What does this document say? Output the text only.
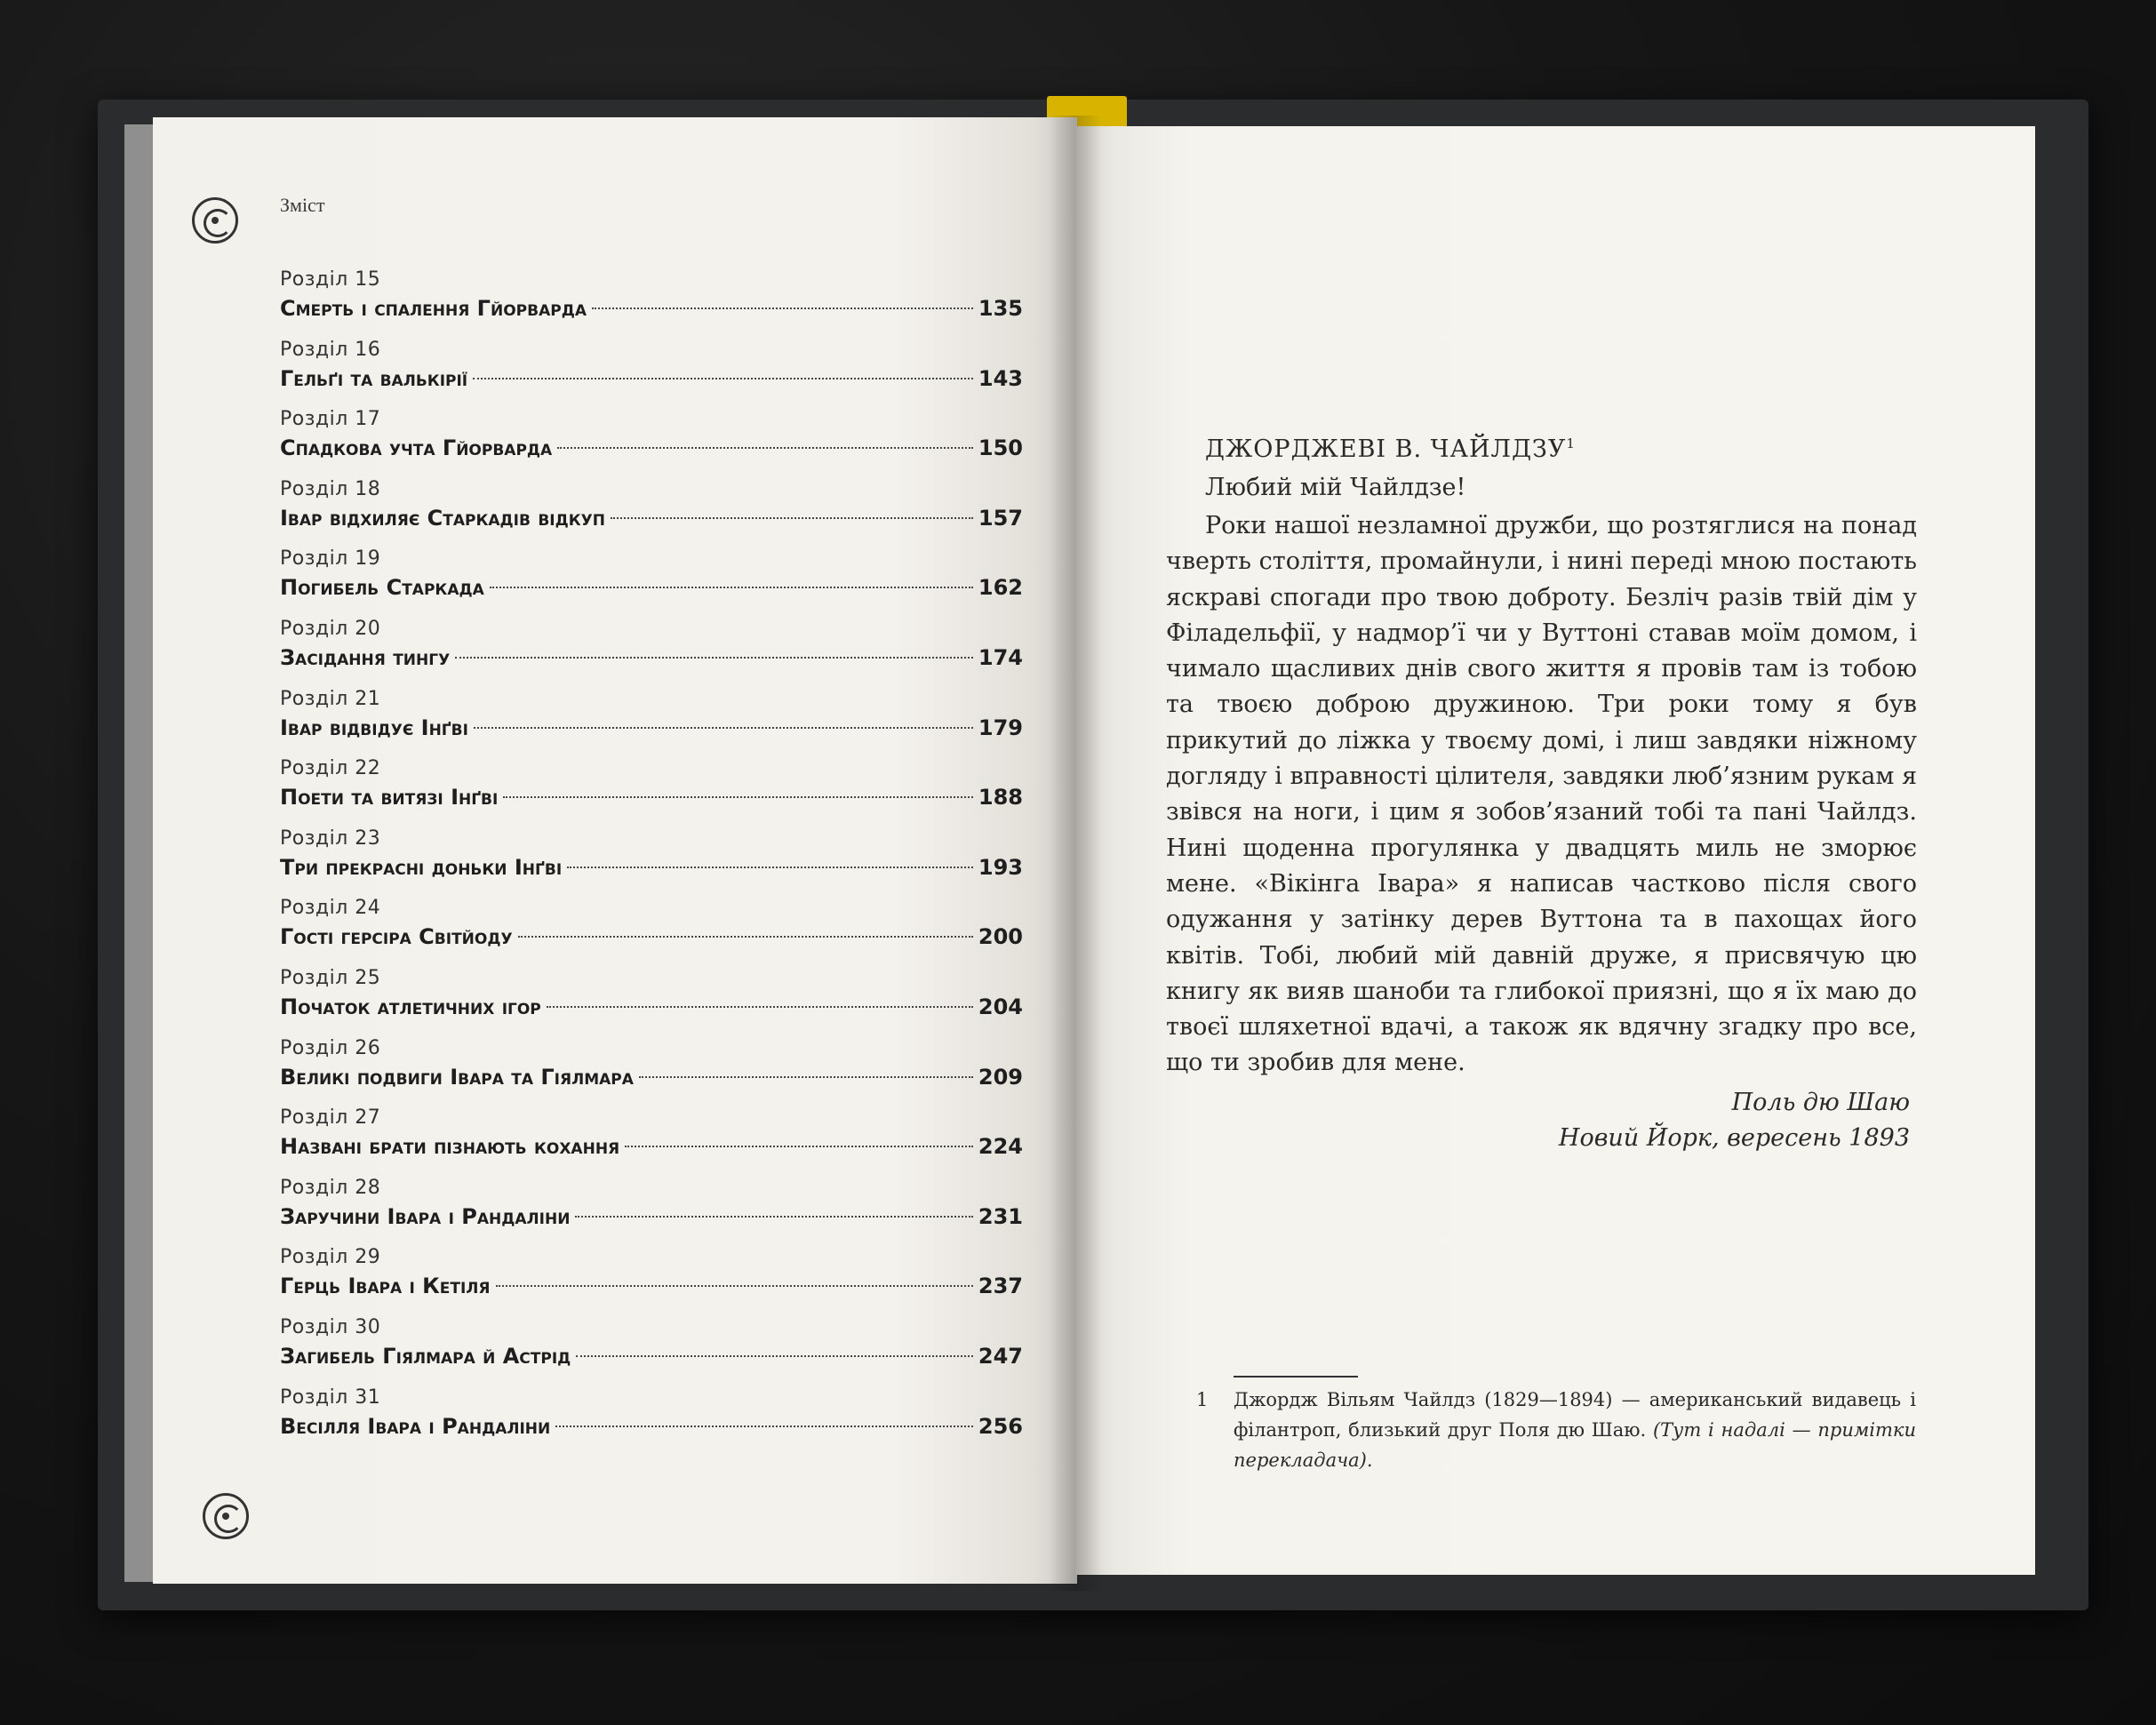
Зміст
Розділ 15
Смерть і спалення Гйорварда	135
Розділ 16
Гельґі та валькірії	143
Розділ 17
Спадкова учта Гйорварда	150
Розділ 18
Івар відхиляє Старкадів відкуп	157
Розділ 19
Погибель Старкада	162
Розділ 20
Засідання тингу	174
Розділ 21
Івар відвідує Інґві	179
Розділ 22
Поети та витязі Інґві	188
Розділ 23
Три прекрасні доньки Інґві	193
Розділ 24
Гості герсіра Світйоду	200
Розділ 25
Початок атлетичних ігор	204
Розділ 26
Великі подвиги Івара та Гіялмара	209
Розділ 27
Названі брати пізнають кохання	224
Розділ 28
Заручини Івара і Рандаліни	231
Розділ 29
Герць Івара і Кетіля	237
Розділ 30
Загибель Гіялмара й Астрід	247
Розділ 31
Весілля Івара і Рандаліни	256
ДЖОРДЖЕВІ В. ЧАЙЛДЗУ$^1$
Любий мій Чайлдзе!
Роки нашої незламної дружби, що розтяглися на понад чверть століття, промайнули, і нині переді мною постають яскраві спогади про твою доброту. Безліч разів твій дім у Філадельфії, у надмор’ї чи у Вуттоні ставав моїм домом, і чимало щасливих днів свого життя я провів там із тобою та твоєю доброю дружиною. Три роки тому я був прикутий до ліжка у твоєму домі, і лиш завдяки ніжному догляду і вправності цілителя, завдяки люб’язним рукам я звівся на ноги, і цим я зобов’язаний тобі та пані Чайлдз. Нині щоденна прогулянка у двадцять миль не зморює мене. «Вікінга Івара» я написав частково після свого одужання у затінку дерев Вуттона та в пахощах його квітів. Тобі, любий мій давній друже, я присвячую цю книгу як вияв шаноби та глибокої приязні, що я їх маю до твоєї шляхетної вдачі, а також як вдячну згадку про все, що ти зробив для мене.
Поль дю Шаю
Новий Йорк, вересень 1893
1 Джордж Вільям Чайлдз (1829—1894) — американський видавець і філантроп, близький друг Поля дю Шаю. (Тут і надалі — примітки перекладача).
